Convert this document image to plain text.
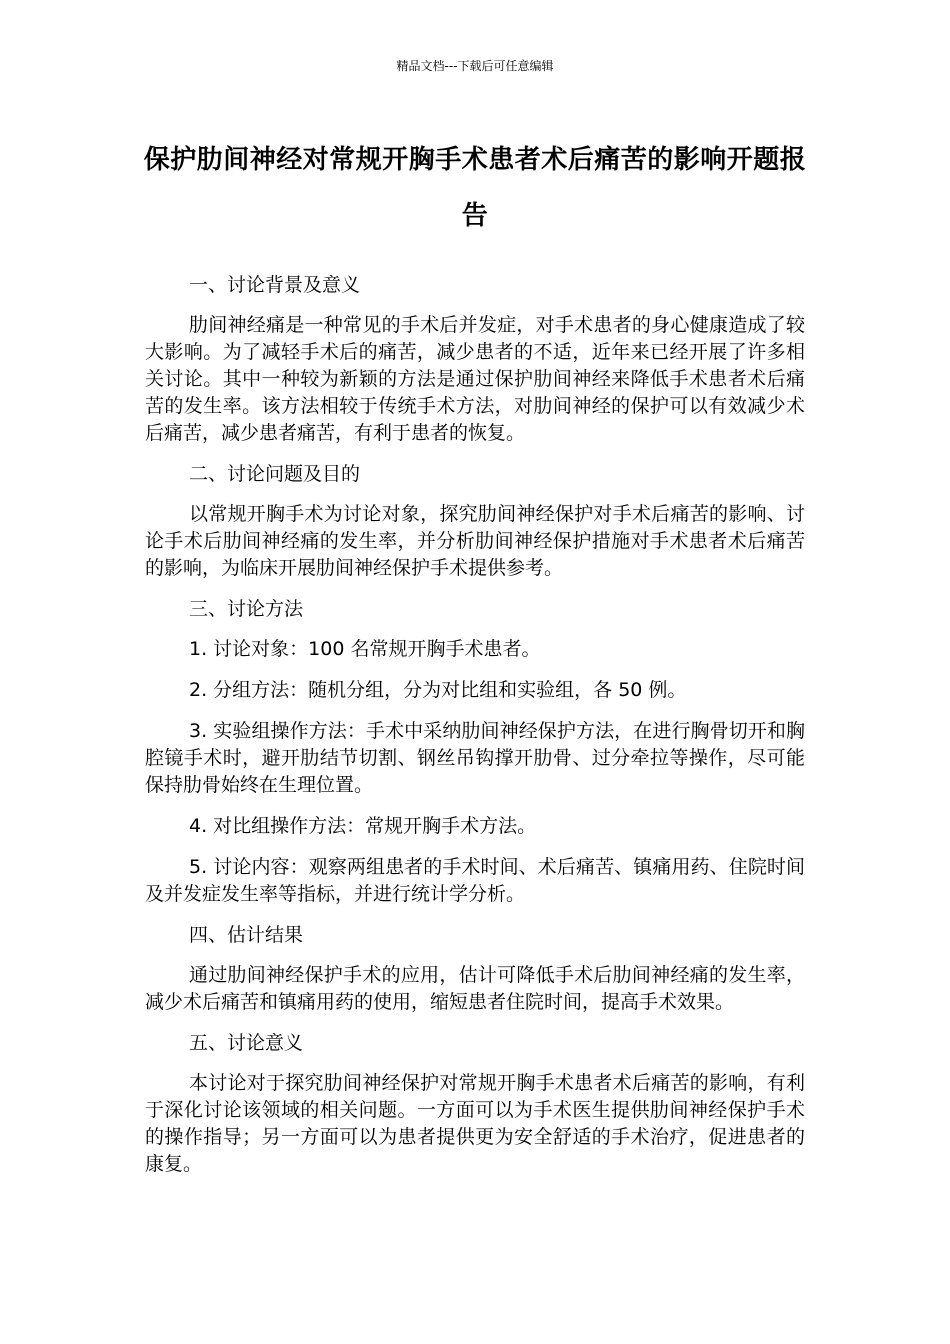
精品文档---下载后可任意编辑
保护肋间神经对常规开胸手术患者术后痛苦的影响开题报告

一、讨论背景及意义

肋间神经痛是一种常见的手术后并发症，对手术患者的身心健康造成了较大影响。为了减轻手术后的痛苦，减少患者的不适，近年来已经开展了许多相关讨论。其中一种较为新颖的方法是通过保护肋间神经来降低手术患者术后痛苦的发生率。该方法相较于传统手术方法，对肋间神经的保护可以有效减少术后痛苦，减少患者痛苦，有利于患者的恢复。

二、讨论问题及目的

以常规开胸手术为讨论对象，探究肋间神经保护对手术后痛苦的影响、讨论手术后肋间神经痛的发生率，并分析肋间神经保护措施对手术患者术后痛苦的影响，为临床开展肋间神经保护手术提供参考。

三、讨论方法

1. 讨论对象：100 名常规开胸手术患者。

2. 分组方法：随机分组，分为对比组和实验组，各 50 例。

3. 实验组操作方法：手术中采纳肋间神经保护方法，在进行胸骨切开和胸腔镜手术时，避开肋结节切割、钢丝吊钩撑开肋骨、过分牵拉等操作，尽可能保持肋骨始终在生理位置。

4. 对比组操作方法：常规开胸手术方法。

5. 讨论内容：观察两组患者的手术时间、术后痛苦、镇痛用药、住院时间及并发症发生率等指标，并进行统计学分析。

四、估计结果

通过肋间神经保护手术的应用，估计可降低手术后肋间神经痛的发生率，减少术后痛苦和镇痛用药的使用，缩短患者住院时间，提高手术效果。

五、讨论意义

本讨论对于探究肋间神经保护对常规开胸手术患者术后痛苦的影响，有利于深化讨论该领域的相关问题。一方面可以为手术医生提供肋间神经保护手术的操作指导；另一方面可以为患者提供更为安全舒适的手术治疗，促进患者的康复。
